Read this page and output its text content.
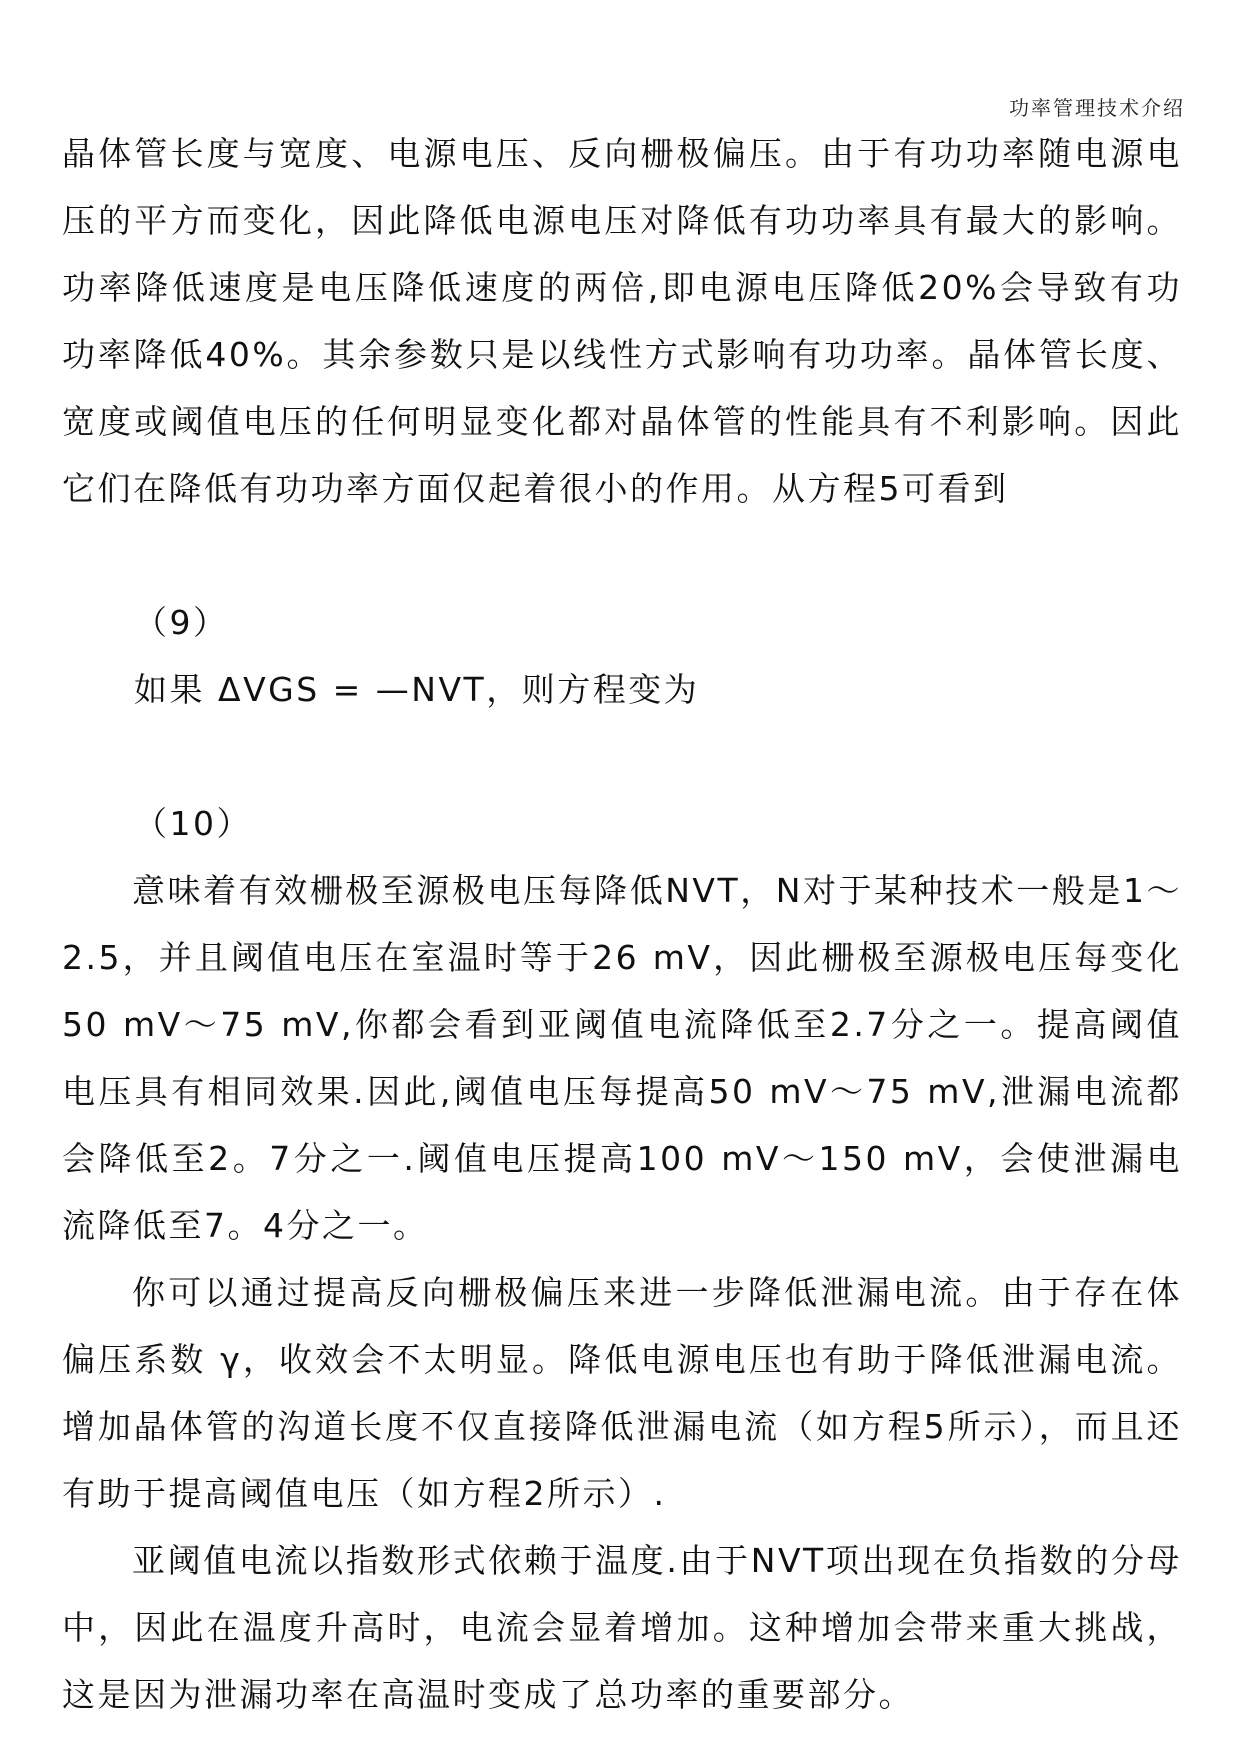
功率管理技术介绍

晶体管长度与宽度、电源电压、反向栅极偏压。由于有功功率随电源电压的平方而变化，因此降低电源电压对降低有功功率具有最大的影响。功率降低速度是电压降低速度的两倍,即电源电压降低20%会导致有功功率降低40%。其余参数只是以线性方式影响有功功率。晶体管长度、宽度或阈值电压的任何明显变化都对晶体管的性能具有不利影响。因此它们在降低有功功率方面仅起着很小的作用。从方程5可看到

（9）

如果 ΔVGS = —NVT，则方程变为

（10）

意味着有效栅极至源极电压每降低NVT，N对于某种技术一般是1～2.5，并且阈值电压在室温时等于26 mV，因此栅极至源极电压每变化50 mV～75 mV,你都会看到亚阈值电流降低至2.7分之一。提高阈值电压具有相同效果.因此,阈值电压每提高50 mV～75 mV,泄漏电流都会降低至2。7分之一.阈值电压提高100 mV～150 mV，会使泄漏电流降低至7。4分之一。

你可以通过提高反向栅极偏压来进一步降低泄漏电流。由于存在体偏压系数 γ，收效会不太明显。降低电源电压也有助于降低泄漏电流。增加晶体管的沟道长度不仅直接降低泄漏电流（如方程5所示），而且还有助于提高阈值电压（如方程2所示）.

亚阈值电流以指数形式依赖于温度.由于NVT项出现在负指数的分母中，因此在温度升高时，电流会显着增加。这种增加会带来重大挑战，这是因为泄漏功率在高温时变成了总功率的重要部分。
